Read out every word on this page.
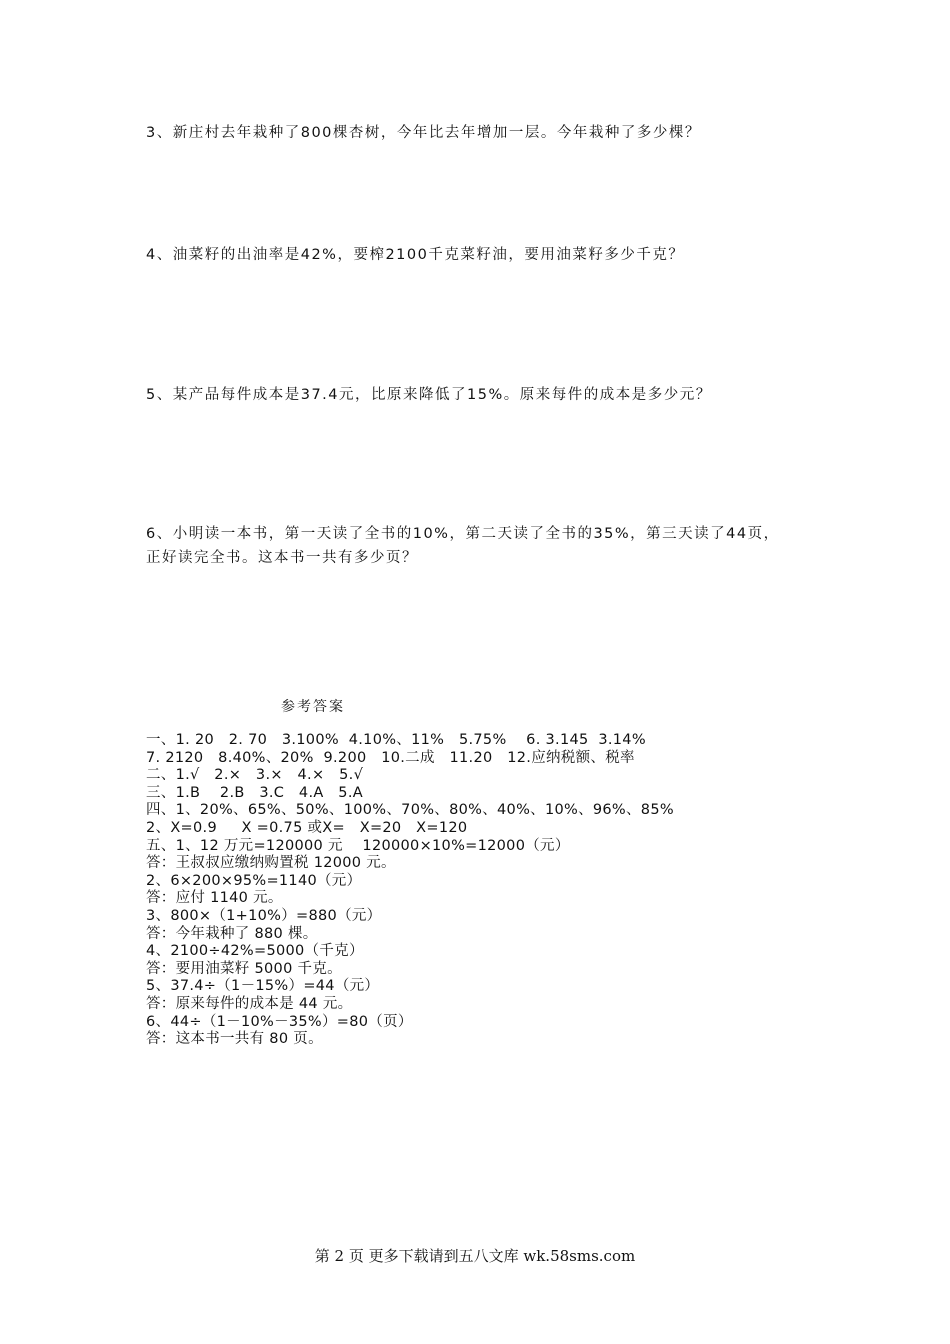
3、新庄村去年栽种了800棵杏树，今年比去年增加一层。今年栽种了多少棵？
4、油菜籽的出油率是42%，要榨2100千克菜籽油，要用油菜籽多少千克？
5、某产品每件成本是37.4元，比原来降低了15%。原来每件的成本是多少元？
6、小明读一本书，第一天读了全书的10%，第二天读了全书的35%，第三天读了44页，
正好读完全书。这本书一共有多少页？
参考答案
一、1. 20   2. 70   3.100%  4.10%、11%   5.75%    6. 3.145  3.14%
7. 2120   8.40%、20%  9.200   10.二成   11.20   12.应纳税额、税率
二、1.√   2.×   3.×   4.×   5.√
三、1.B    2.B   3.C   4.A   5.A
四、1、20%、65%、50%、100%、70%、80%、40%、10%、96%、85%
2、X=0.9     X =0.75 或X=   X=20   X=120
五、1、12 万元=120000 元    120000×10%=12000（元）
答：王叔叔应缴纳购置税 12000 元。
2、6×200×95%=1140（元）
答：应付 1140 元。
3、800×（1+10%）=880（元）
答：今年栽种了 880 棵。
4、2100÷42%=5000（千克）
答：要用油菜籽 5000 千克。
5、37.4÷（1－15%）=44（元）
答：原来每件的成本是 44 元。
6、44÷（1－10%－35%）=80（页）
答：这本书一共有 80 页。
第 2 页 更多下载请到五八文库 wk.58sms.com
